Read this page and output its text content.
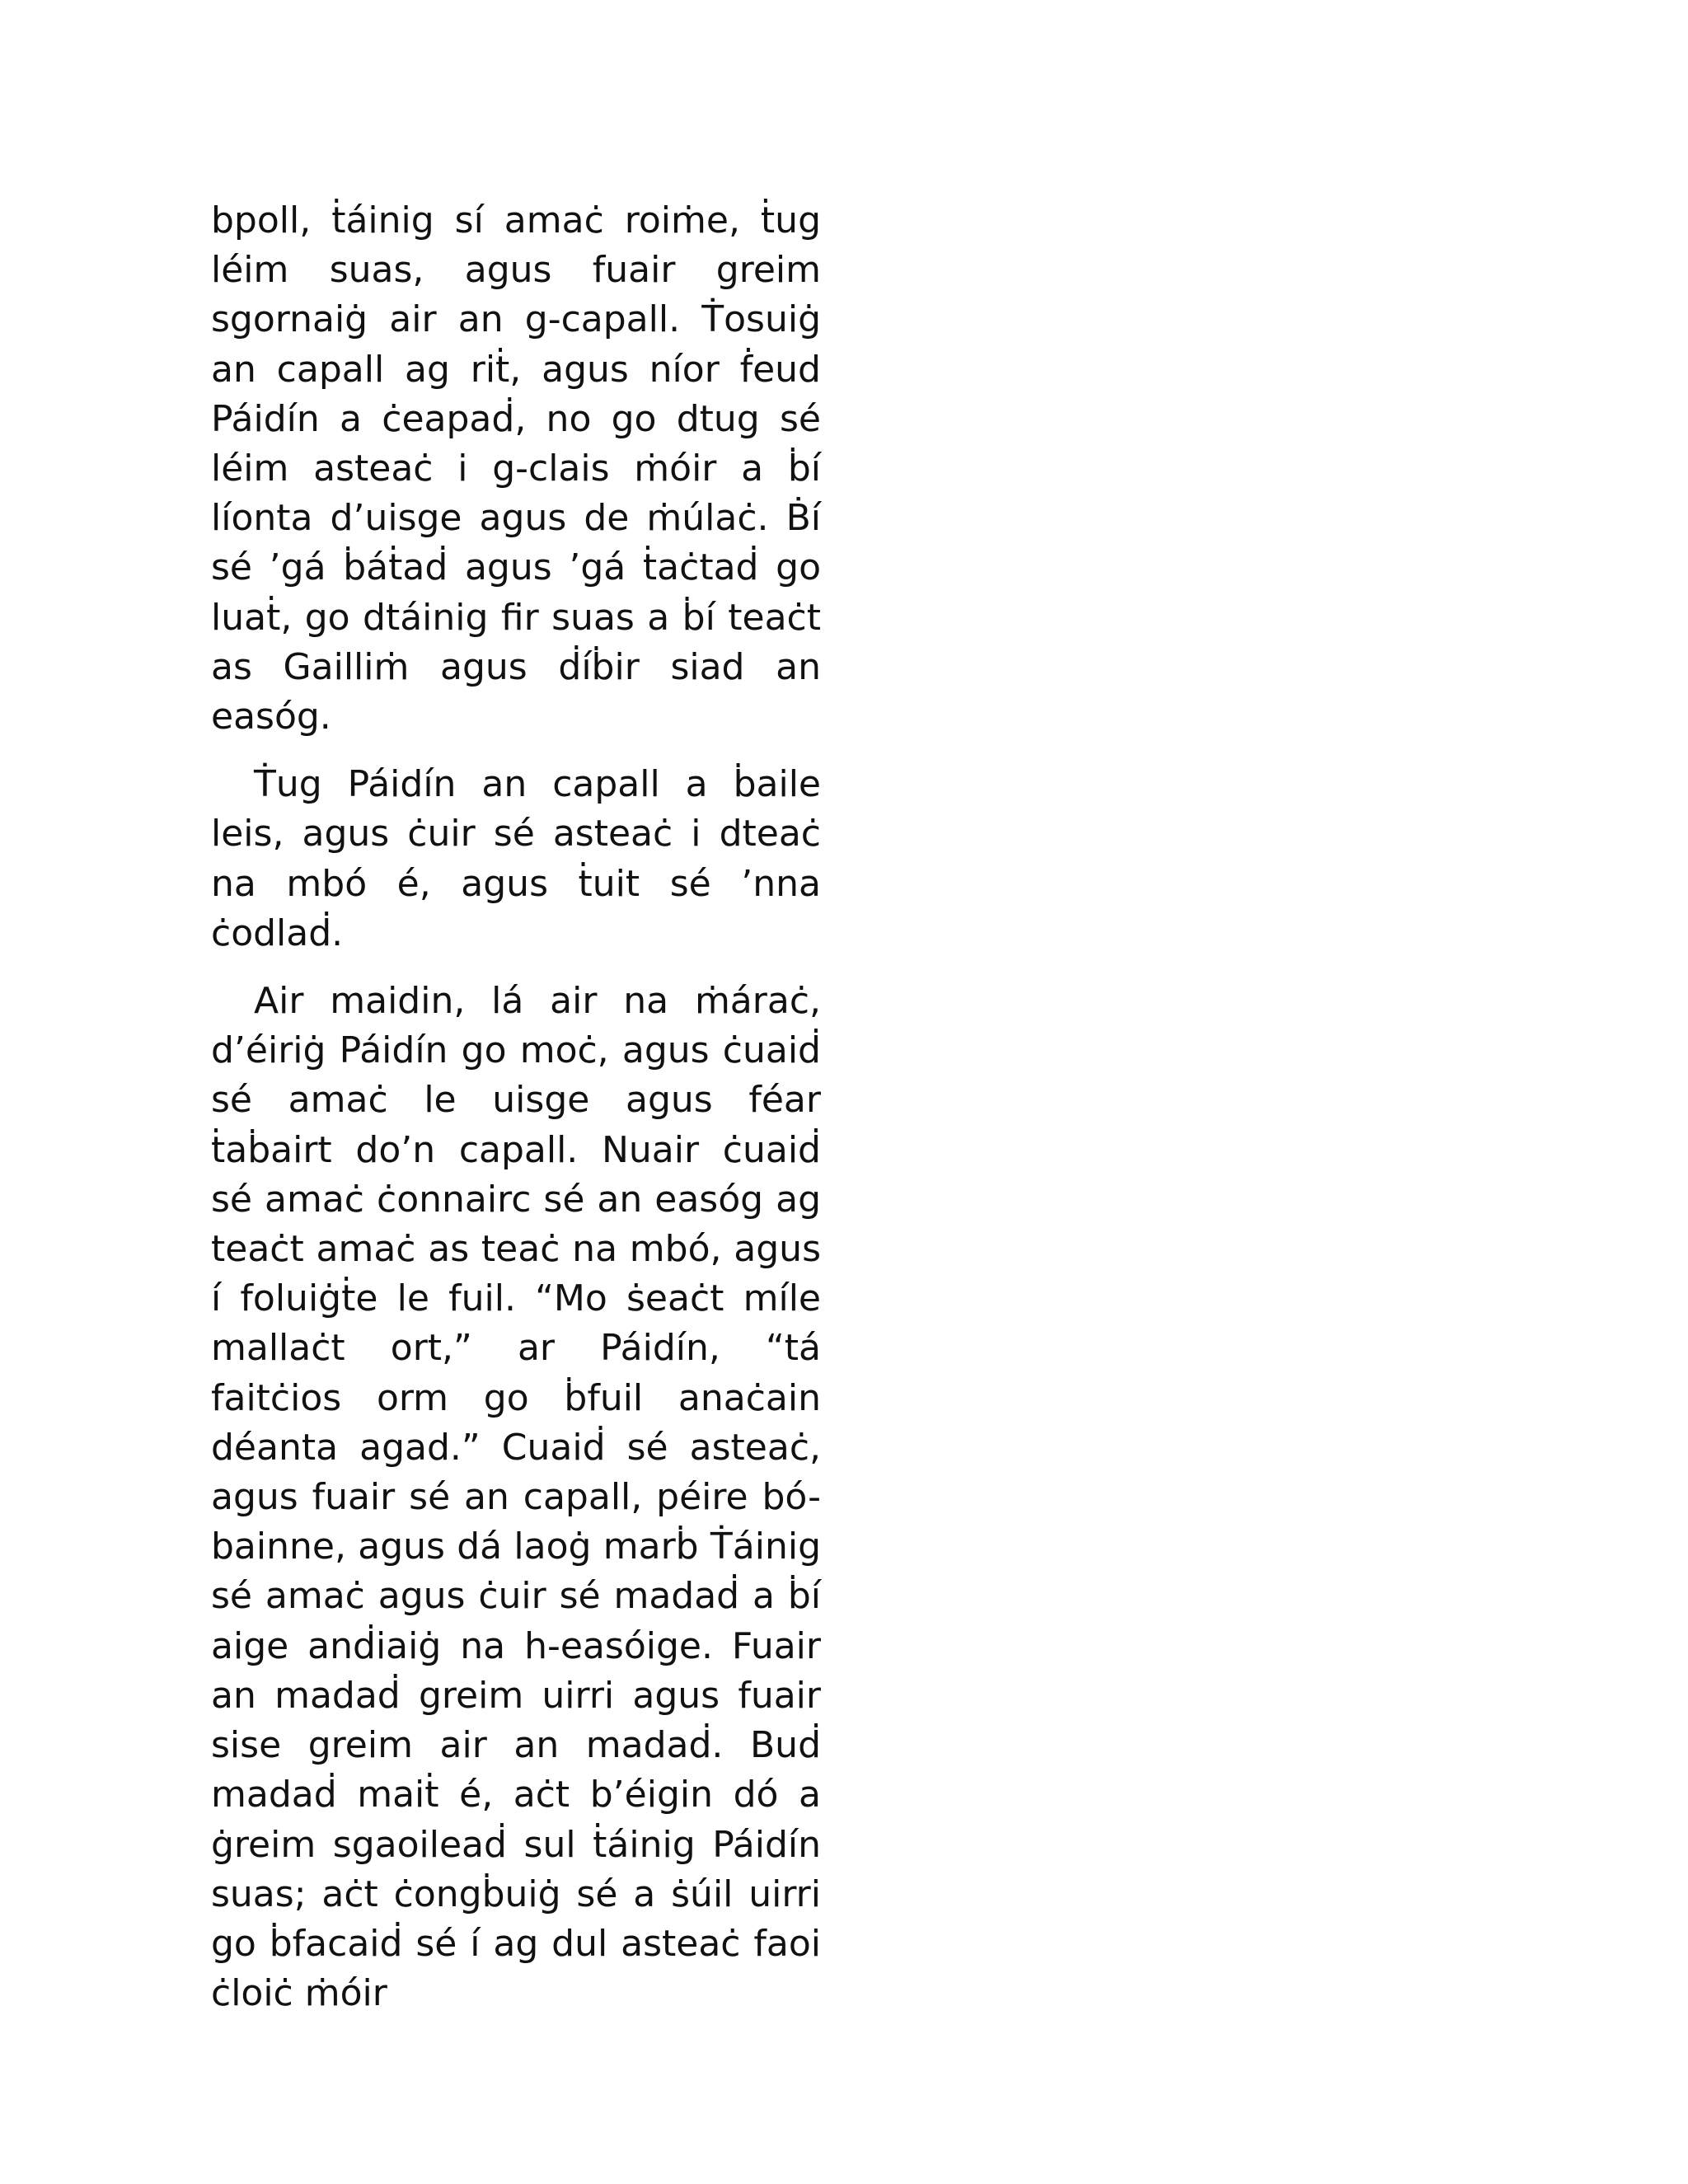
bpoll, ṫáinig sí amaċ roiṁe, ṫug léim suas, agus fuair greim sgornaiġ air an g-capall. Ṫosuiġ an capall ag riṫ, agus níor ḟeud Páidín a ċeapaḋ, no go dtug sé léim asteaċ i g-clais ṁóir a ḃí líonta d’uisge agus de ṁúlaċ. Ḃí sé ’gá ḃáṫaḋ agus ’gá ṫaċtaḋ go luaṫ, go dtáinig fir suas a ḃí teaċt as Gailliṁ agus ḋíḃir siad an easóg.

Ṫug Páidín an capall a ḃaile leis, agus ċuir sé asteaċ i dteaċ na mbó é, agus ṫuit sé ’nna ċodlaḋ.

Air maidin, lá air na ṁáraċ, d’éiriġ Páidín go moċ, agus ċuaiḋ sé amaċ le uisge agus féar ṫaḃairt do’n capall. Nuair ċuaiḋ sé amaċ ċonnairc sé an easóg ag teaċt amaċ as teaċ na mbó, agus í foluiġṫe le fuil. “Mo ṡeaċt míle mallaċt ort,” ar Páidín, “tá faitċios orm go ḃfuil anaċain déanta agad.” Cuaiḋ sé asteaċ, agus fuair sé an capall, péire bó-bainne, agus dá laoġ marḃ Ṫáinig sé amaċ agus ċuir sé madaḋ a ḃí aige anḋiaiġ na h-easóige. Fuair an madaḋ greim uirri agus fuair sise greim air an madaḋ. Buḋ madaḋ maiṫ é, aċt b’éigin dó a ġreim sgaoileaḋ sul ṫáinig Páidín suas; aċt ċongḃuiġ sé a ṡúil uirri go ḃfacaiḋ sé í ag dul asteaċ faoi ċloiċ ṁóir
